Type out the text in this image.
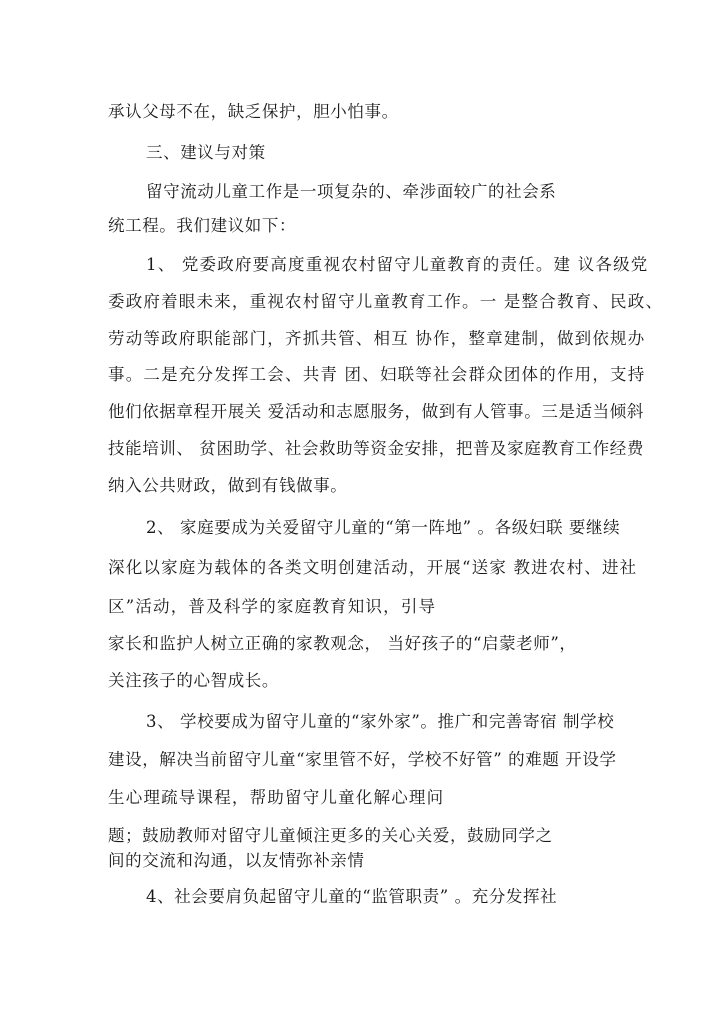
承认父母不在，缺乏保护，胆小怕事。
三、建议与对策
留守流动儿童工作是一项复杂的、牵涉面较广的社会系
统工程。我们建议如下：
1、 党委政府要高度重视农村留守儿童教育的责任。建 议各级党
委政府着眼未来，重视农村留守儿童教育工作。一 是整合教育、民政、
劳动等政府职能部门，齐抓共管、相互 协作，整章建制，做到依规办
事。二是充分发挥工会、共青 团、妇联等社会群众团体的作用，支持
他们依据章程开展关 爱活动和志愿服务，做到有人管事。三是适当倾斜
技能培训、 贫困助学、社会救助等资金安排，把普及家庭教育工作经费
纳入公共财政，做到有钱做事。
2、 家庭要成为关爱留守儿童的“第一阵地” 。各级妇联 要继续
深化以家庭为载体的各类文明创建活动，开展“送家 教进农村、进社
区”活动，普及科学的家庭教育知识，引导
家长和监护人树立正确的家教观念， 当好孩子的“启蒙老师”，
关注孩子的心智成长。
3、 学校要成为留守儿童的“家外家”。推广和完善寄宿 制学校
建设，解决当前留守儿童“家里管不好，学校不好管” 的难题 开设学
生心理疏导课程，帮助留守儿童化解心理问
题；鼓励教师对留守儿童倾注更多的关心关爱，鼓励同学之
间的交流和沟通，以友情弥补亲情
4、社会要肩负起留守儿童的“监管职责” 。充分发挥社
